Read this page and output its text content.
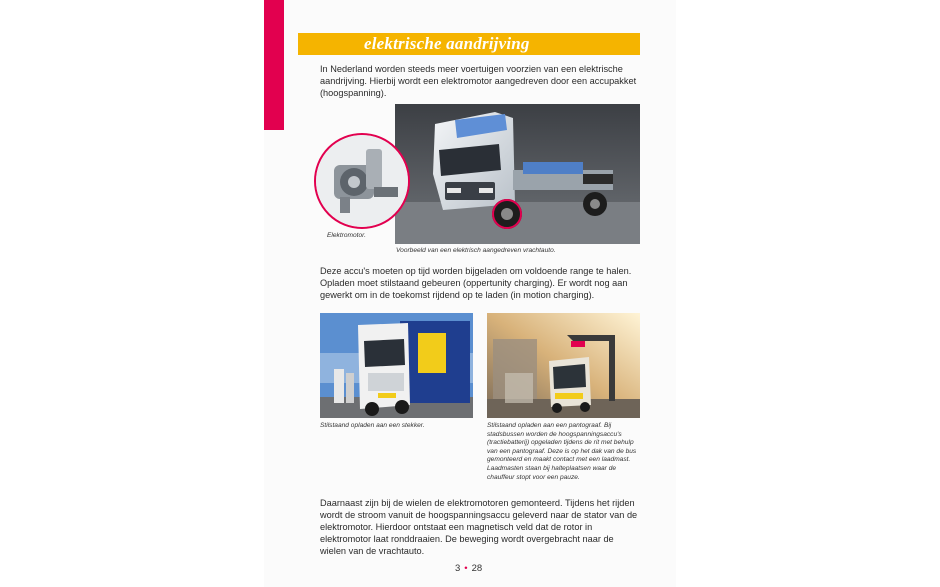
elektrische aandrijving
In Nederland worden steeds meer voertuigen voorzien van een elektrische aandrijving. Hierbij wordt een elektromotor aangedreven door een accupakket (hoogspanning).
Elektromotor.
Voorbeeld van een elektrisch aangedreven vrachtauto.
Deze accu's moeten op tijd worden bijgeladen om voldoende range te halen. Opladen moet stilstaand gebeuren (oppertunity charging). Er wordt nog aan gewerkt om in de toekomst rijdend op te laden (in motion charging).
Stilstaand opladen aan een stekker.	Stilstaand opladen aan een pantograaf. Bij stadsbussen worden de hoogspanningsaccu's (tractiebatterij) opgeladen tijdens de rit met behulp van een pantograaf. Deze is op het dak van de bus gemonteerd en maakt contact met een laadmast. Laadmasten staan bij halteplaatsen waar de chauffeur stopt voor een pauze.
Daarnaast zijn bij de wielen de elektromotoren gemonteerd. Tijdens het rijden wordt de stroom vanuit de hoogspanningsaccu geleverd naar de stator van de elektromotor. Hierdoor ontstaat een magnetisch veld dat de rotor in elektromotor laat ronddraaien. De beweging wordt overgebracht naar de wielen van de vrachtauto.
3 • 28
